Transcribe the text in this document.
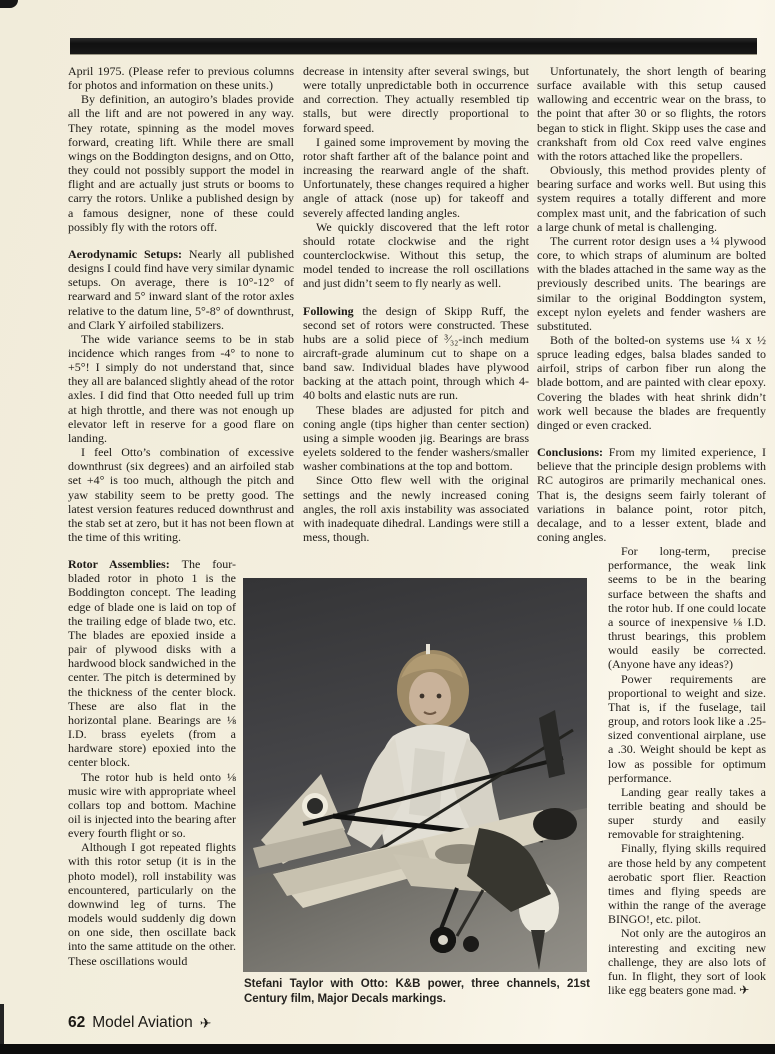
April 1975. (Please refer to previous columns for photos and information on these units.)

By definition, an autogiro’s blades provide all the lift and are not powered in any way. They rotate, spinning as the model moves forward, creating lift. While there are small wings on the Boddington designs, and on Otto, they could not possibly support the model in flight and are actually just struts or booms to carry the rotors. Unlike a published design by a famous designer, none of these could possibly fly with the rotors off.

Aerodynamic Setups: Nearly all published designs I could find have very similar dynamic setups. On average, there is 10°-12° of rearward and 5° inward slant of the rotor axles relative to the datum line, 5°-8° of downthrust, and Clark Y airfoiled stabilizers.

The wide variance seems to be in stab incidence which ranges from -4° to none to +5°! I simply do not understand that, since they all are balanced slightly ahead of the rotor axles. I did find that Otto needed full up trim at high throttle, and there was not enough up elevator left in reserve for a good flare on landing.

I feel Otto’s combination of excessive downthrust (six degrees) and an airfoiled stab set +4° is too much, although the pitch and yaw stability seem to be pretty good. The latest version features reduced downthrust and the stab set at zero, but it has not been flown at the time of this writing.

Rotor Assemblies: The four-bladed rotor in photo 1 is the Boddington concept. The leading edge of blade one is laid on top of the trailing edge of blade two, etc. The blades are epoxied inside a pair of plywood disks with a hardwood block sandwiched in the center. The pitch is determined by the thickness of the center block. These are also flat in the horizontal plane. Bearings are ⅛ I.D. brass eyelets (from a hardware store) epoxied into the center block.

The rotor hub is held onto ⅛ music wire with appropriate wheel collars top and bottom. Machine oil is injected into the bearing after every fourth flight or so.

Although I got repeated flights with this rotor setup (it is in the photo model), roll instability was encountered, particularly on the downwind leg of turns. The models would suddenly dig down on one side, then oscillate back into the same attitude on the other. These oscillations would

decrease in intensity after several swings, but were totally unpredictable both in occurrence and correction. They actually resembled tip stalls, but were directly proportional to forward speed.

I gained some improvement by moving the rotor shaft farther aft of the balance point and increasing the rearward angle of the shaft. Unfortunately, these changes required a higher angle of attack (nose up) for takeoff and severely affected landing angles.

We quickly discovered that the left rotor should rotate clockwise and the right counterclockwise. Without this setup, the model tended to increase the roll oscillations and just didn’t seem to fly nearly as well.

Following the design of Skipp Ruff, the second set of rotors were constructed. These hubs are a solid piece of ³⁄₃₂-inch medium aircraft-grade aluminum cut to shape on a band saw. Individual blades have plywood backing at the attach point, through which 4-40 bolts and elastic nuts are run.

These blades are adjusted for pitch and coning angle (tips higher than center section) using a simple wooden jig. Bearings are brass eyelets soldered to the fender washers/smaller washer combinations at the top and bottom.

Since Otto flew well with the original settings and the newly increased coning angles, the roll axis instability was associated with inadequate dihedral. Landings were still a mess, though.

Unfortunately, the short length of bearing surface available with this setup caused wallowing and eccentric wear on the brass, to the point that after 30 or so flights, the rotors began to stick in flight. Skipp uses the case and crankshaft from old Cox reed valve engines with the rotors attached like the propellers.

Obviously, this method provides plenty of bearing surface and works well. But using this system requires a totally different and more complex mast unit, and the fabrication of such a large chunk of metal is challenging.

The current rotor design uses a ¼ plywood core, to which straps of aluminum are bolted with the blades attached in the same way as the previously described units. The bearings are similar to the original Boddington system, except nylon eyelets and fender washers are substituted.

Both of the bolted-on systems use ¼ x ½ spruce leading edges, balsa blades sanded to airfoil, strips of carbon fiber run along the blade bottom, and are painted with clear epoxy. Covering the blades with heat shrink didn’t work well because the blades are frequently dinged or even cracked.

Conclusions: From my limited experience, I believe that the principle design problems with RC autogiros are primarily mechanical ones. That is, the designs seem fairly tolerant of variations in balance point, rotor pitch, decalage, and to a lesser extent, blade and coning angles.

For long-term, precise performance, the weak link seems to be in the bearing surface between the shafts and the rotor hub. If one could locate a source of inexpensive ⅛ I.D. thrust bearings, this problem would easily be corrected. (Anyone have any ideas?)

Power requirements are proportional to weight and size. That is, if the fuselage, tail group, and rotors look like a .25-sized conventional airplane, use a .30. Weight should be kept as low as possible for optimum performance.

Landing gear really takes a terrible beating and should be super sturdy and easily removable for straightening.

Finally, flying skills required are those held by any competent aerobatic sport flier. Reaction times and flying speeds are within the range of the average BINGO!, etc. pilot.

Not only are the autogiros an interesting and exciting new challenge, they are also lots of fun. In flight, they sort of look like egg beaters gone mad. ✈

Stefani Taylor with Otto: K&B power, three channels, 21st Century film, Major Decals markings.
62 Model Aviation ✈
